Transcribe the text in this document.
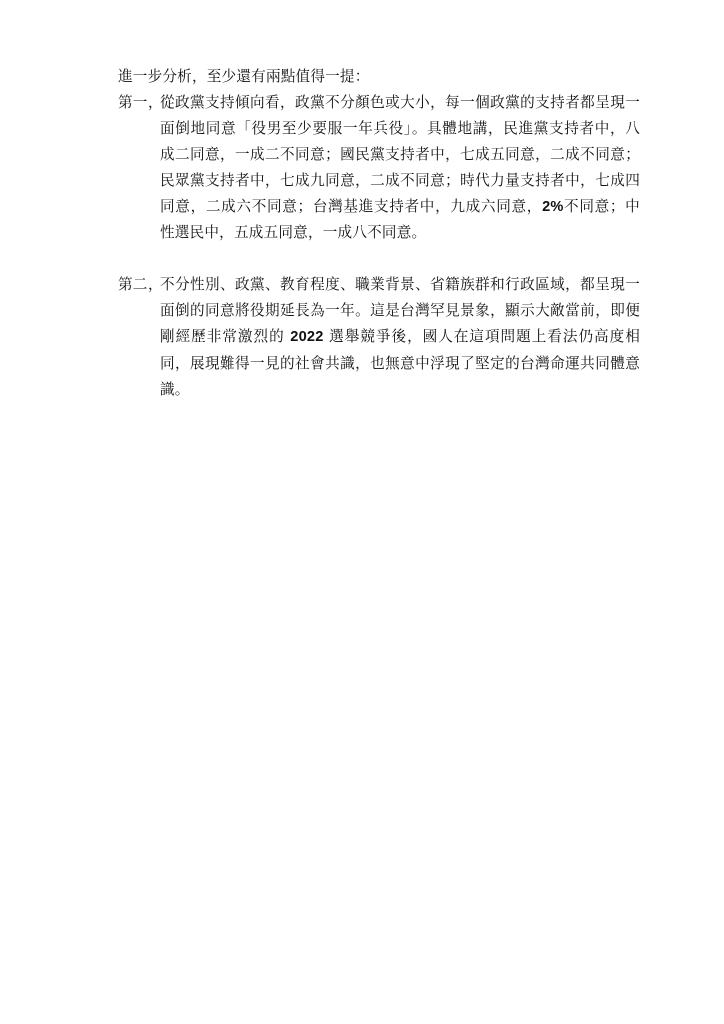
進一步分析，至少還有兩點值得一提：

第一 ，
從政黨支持傾向看，政黨不分顏色或大小，每一個政黨的支持者都呈現一面倒地同意「役男至少要服一年兵役」。具體地講，民進黨支持者中，八成二同意，一成二不同意；國民黨支持者中，七成五同意，二成不同意；民眾黨支持者中，七成九同意，二成不同意；時代力量支持者中，七成四同意，二成六不同意；台灣基進支持者中，九成六同意，2%不同意；中性選民中，五成五同意，一成八不同意。
第二 ，
不分性別、政黨、教育程度、職業背景、省籍族群和行政區域，都呈現一面倒的同意將役期延長為一年。這是台灣罕見景象，顯示大敵當前，即便剛經歷非常激烈的 2022 選舉競爭後，國人在這項問題上看法仍高度相同，展現難得一見的社會共識，也無意中浮現了堅定的台灣命運共同體意識。
